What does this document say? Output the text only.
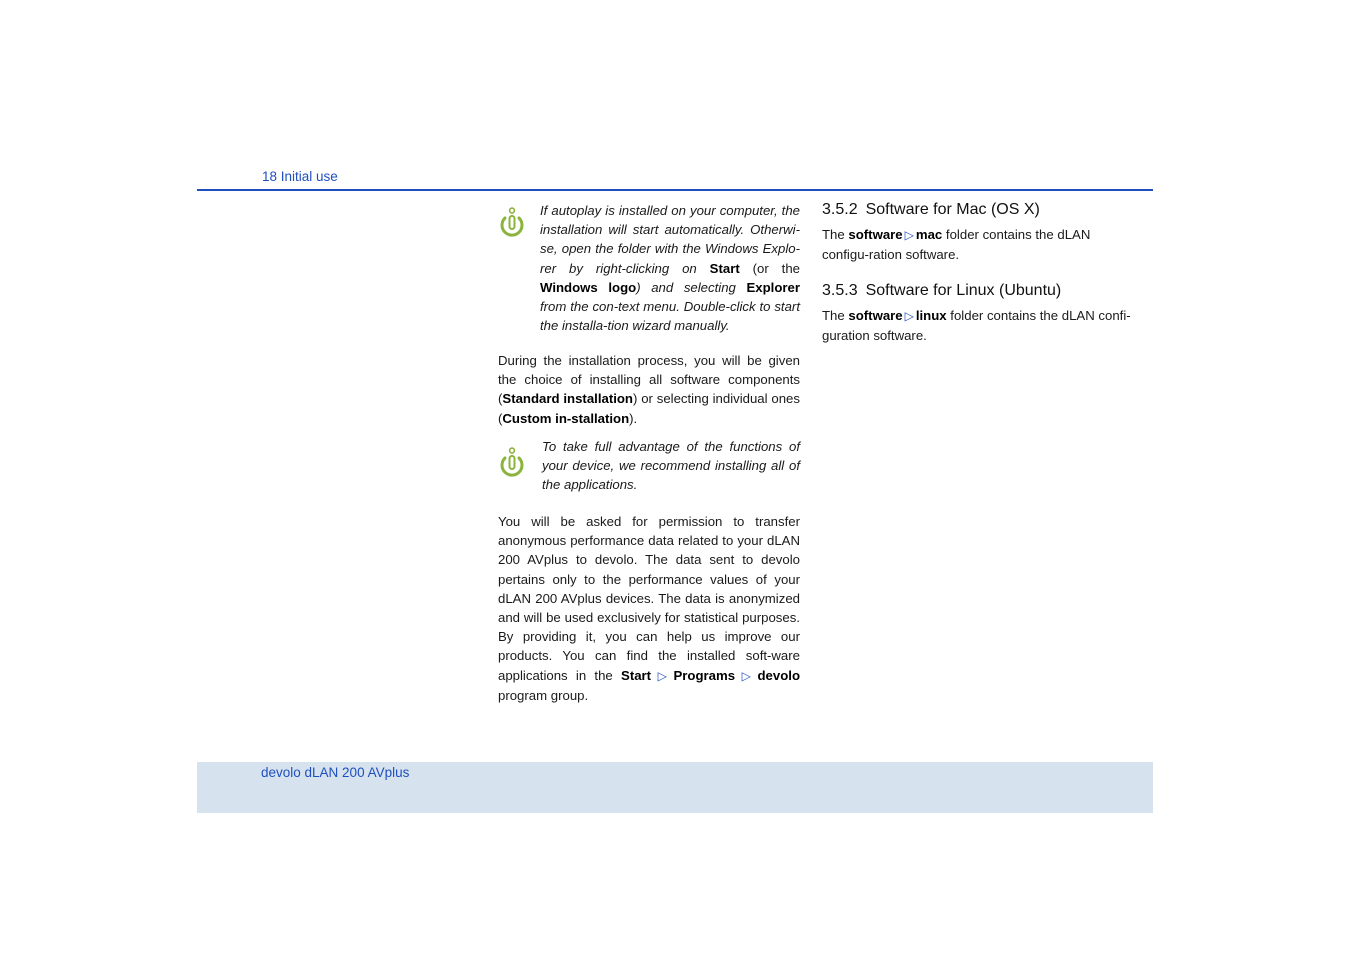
18 Initial use
If autoplay is installed on your computer, the installation will start automatically. Otherwi-se, open the folder with the Windows Explo-rer by right-clicking on Start (or the Windows logo) and selecting Explorer from the con-text menu. Double-click to start the installa-tion wizard manually.
During the installation process, you will be given the choice of installing all software components (Standard installation) or selecting individual ones (Custom in-stallation).
To take full advantage of the functions of your device, we recommend installing all of the applications.
You will be asked for permission to transfer anonymous performance data related to your dLAN 200 AVplus to devolo. The data sent to devolo pertains only to the performance values of your dLAN 200 AVplus devices. The data is anonymized and will be used exclusively for statistical purposes. By providing it, you can help us improve our products. You can find the installed soft-ware applications in the Start ▷ Programs ▷ devolo program group.
3.5.2 Software for Mac (OS X)
The software ▷ mac folder contains the dLAN configu-ration software.
3.5.3 Software for Linux (Ubuntu)
The software ▷ linux folder contains the dLAN confi-guration software.
devolo dLAN 200 AVplus
